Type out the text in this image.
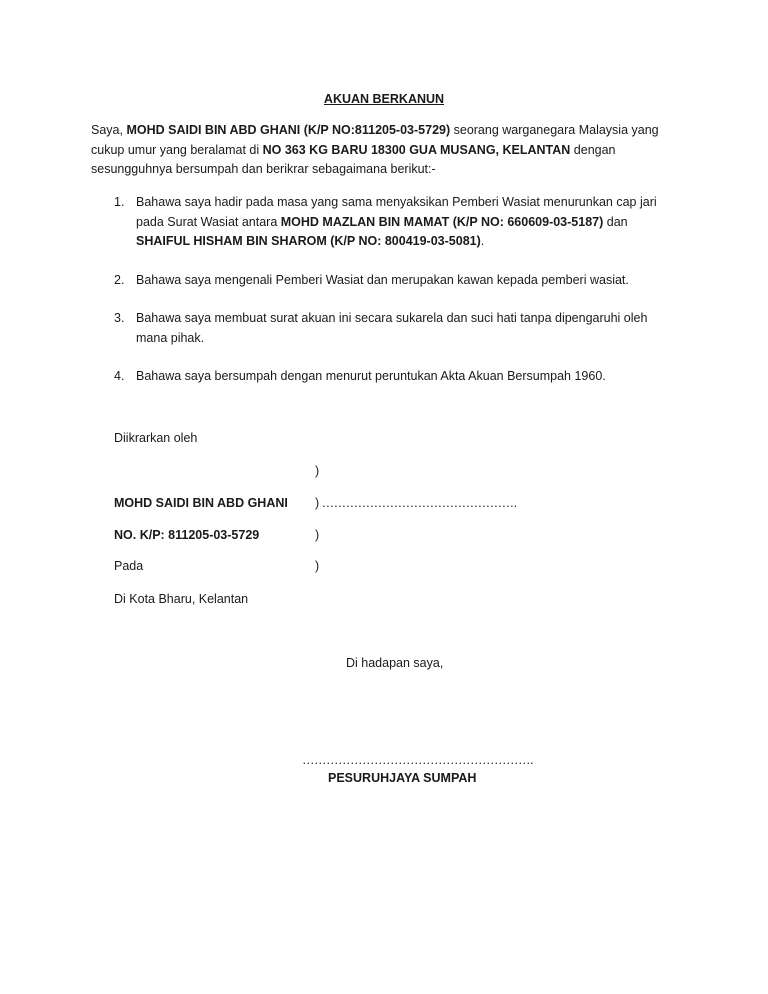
AKUAN BERKANUN
Saya, MOHD SAIDI BIN ABD GHANI (K/P NO:811205-03-5729) seorang warganegara Malaysia yang cukup umur yang beralamat di NO 363 KG BARU 18300 GUA MUSANG, KELANTAN dengan sesungguhnya bersumpah dan berikrar sebagaimana berikut:-
1. Bahawa saya hadir pada masa yang sama menyaksikan Pemberi Wasiat menurunkan cap jari pada Surat Wasiat antara MOHD MAZLAN BIN MAMAT (K/P NO: 660609-03-5187) dan SHAIFUL HISHAM BIN SHAROM (K/P NO: 800419-03-5081).
2. Bahawa saya mengenali Pemberi Wasiat dan merupakan kawan kepada pemberi wasiat.
3. Bahawa saya membuat surat akuan ini secara sukarela dan suci hati tanpa dipengaruhi oleh mana pihak.
4. Bahawa saya bersumpah dengan menurut peruntukan Akta Akuan Bersumpah 1960.
Diikrarkan oleh
)
MOHD SAIDI BIN ABD GHANI ) ………………………………………….
NO. K/P: 811205-03-5729	)
Pada	)
Di Kota Bharu, Kelantan
Di hadapan saya,
………………………………………………….
PESURUHJAYA SUMPAH
